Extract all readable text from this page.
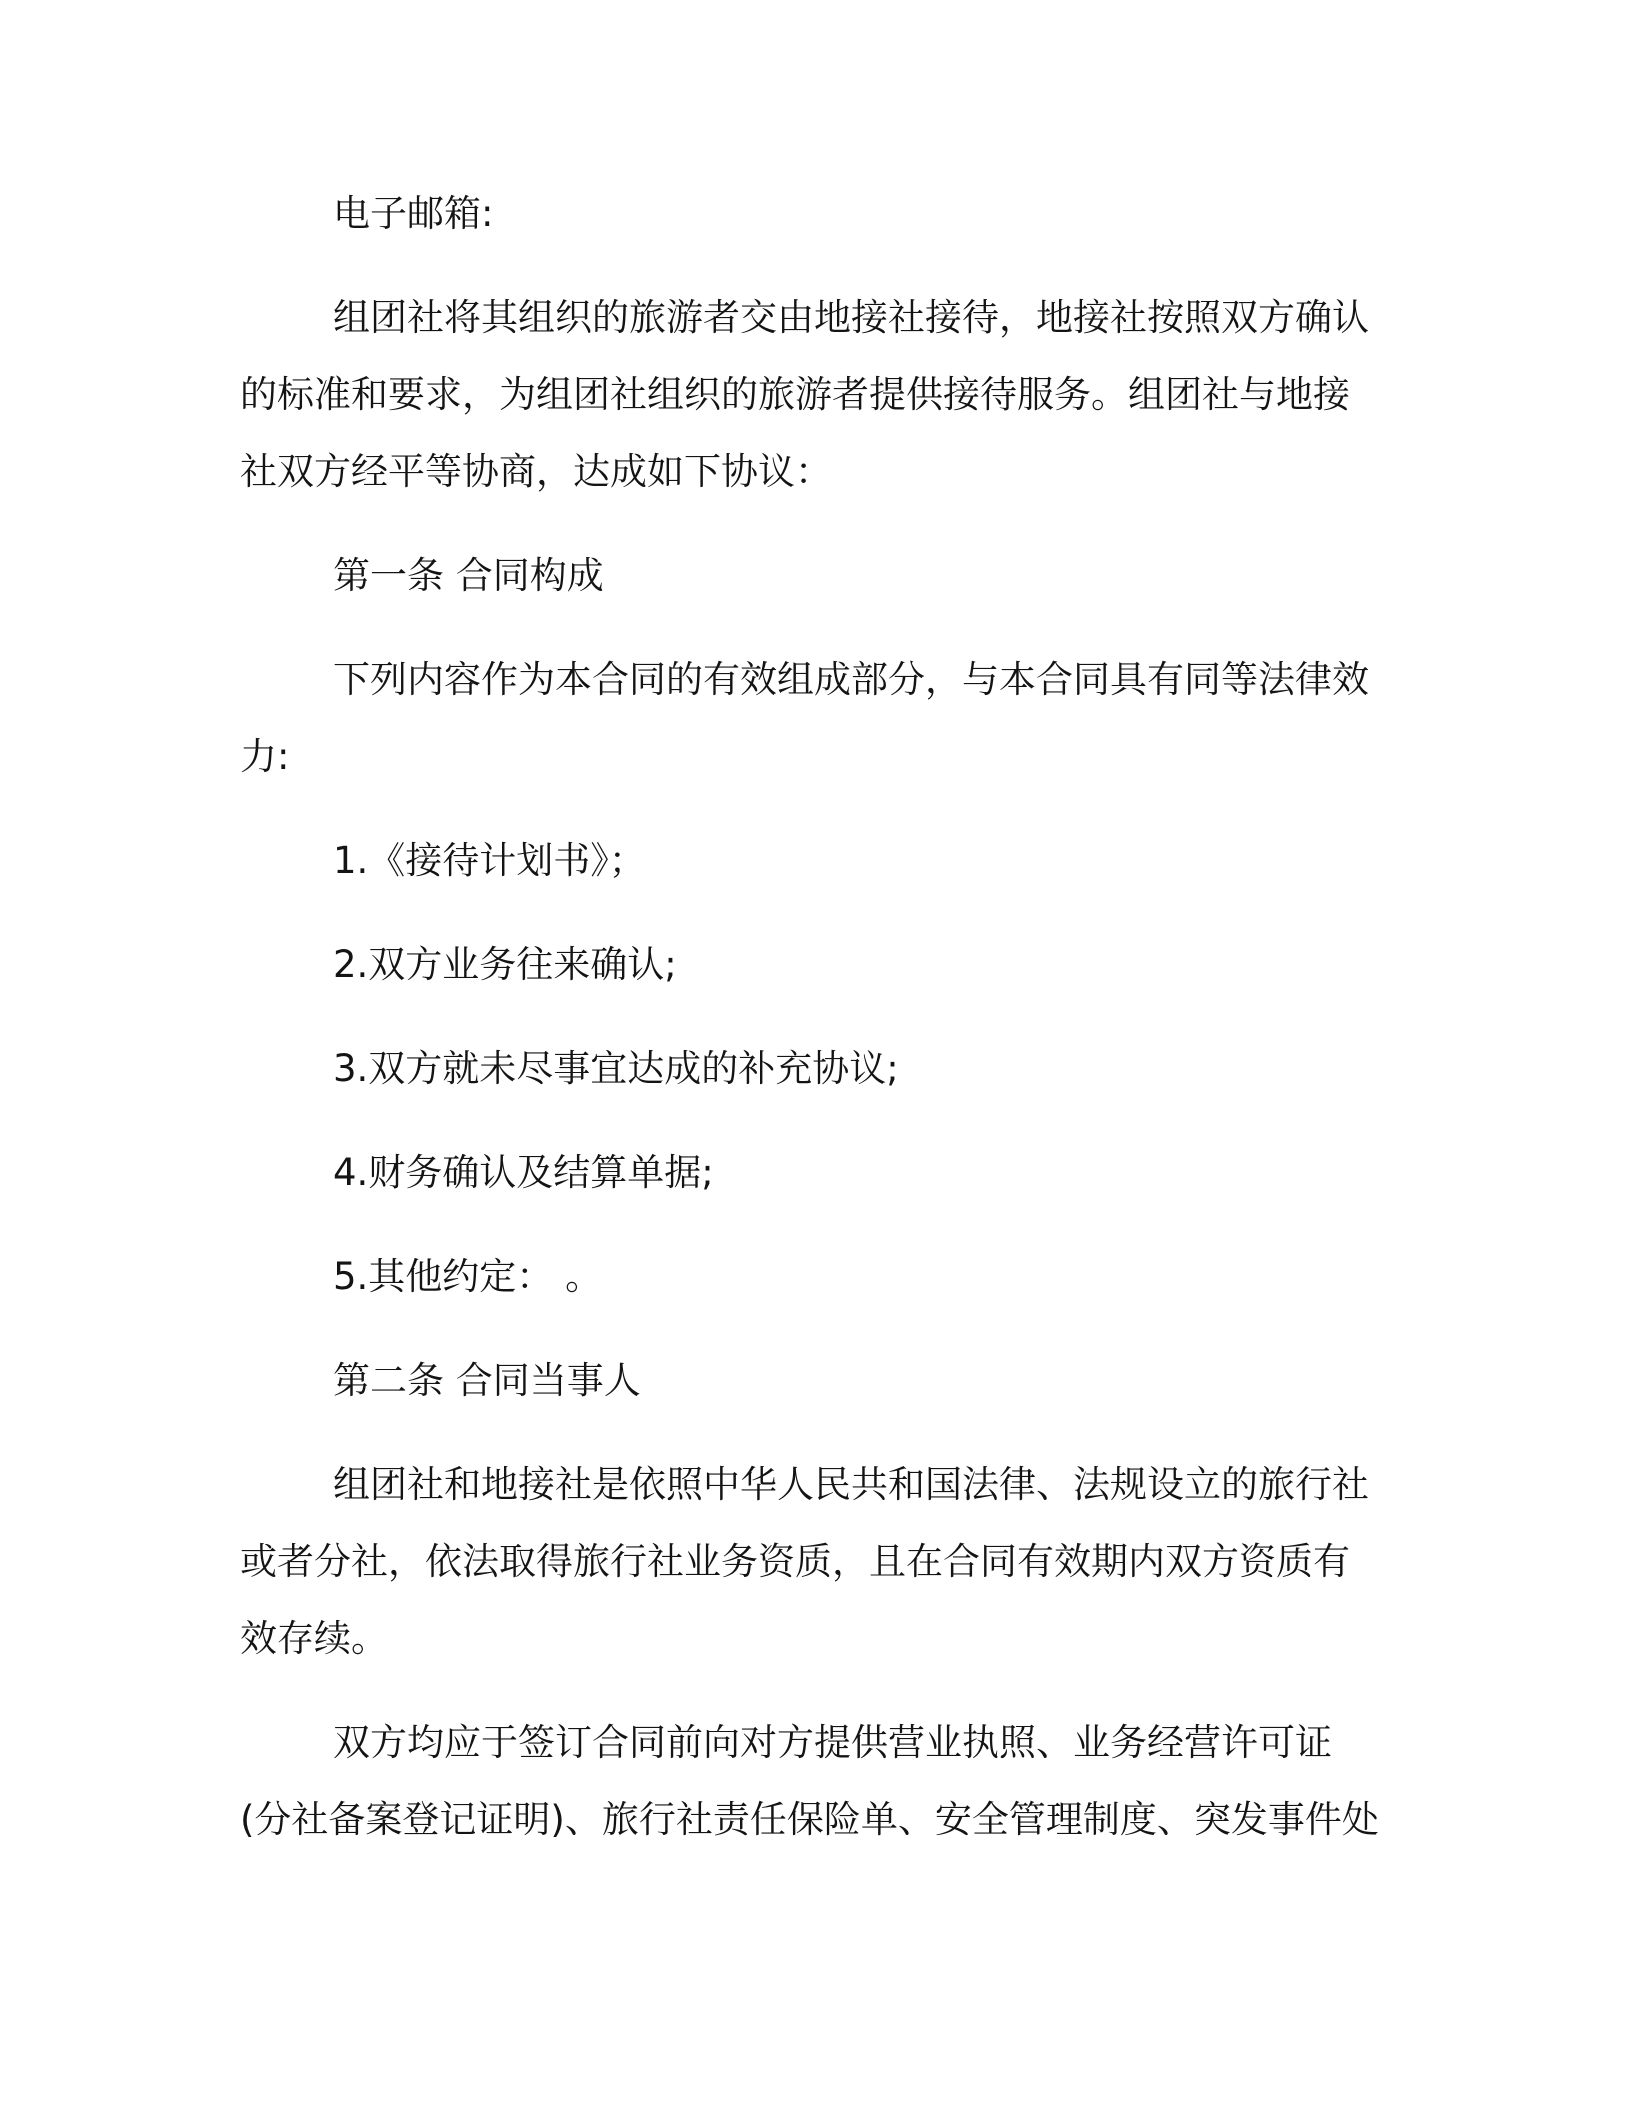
电子邮箱:
组团社将其组织的旅游者交由地接社接待，地接社按照双方确认
的标准和要求，为组团社组织的旅游者提供接待服务。组团社与地接
社双方经平等协商，达成如下协议：
第一条 合同构成
下列内容作为本合同的有效组成部分，与本合同具有同等法律效
力:
1.《接待计划书》；
2.双方业务往来确认;
3.双方就未尽事宜达成的补充协议;
4.财务确认及结算单据;
5.其他约定： 。
第二条 合同当事人
组团社和地接社是依照中华人民共和国法律、法规设立的旅行社
或者分社，依法取得旅行社业务资质，且在合同有效期内双方资质有
效存续。
双方均应于签订合同前向对方提供营业执照、业务经营许可证
(分社备案登记证明)、旅行社责任保险单、安全管理制度、突发事件处
